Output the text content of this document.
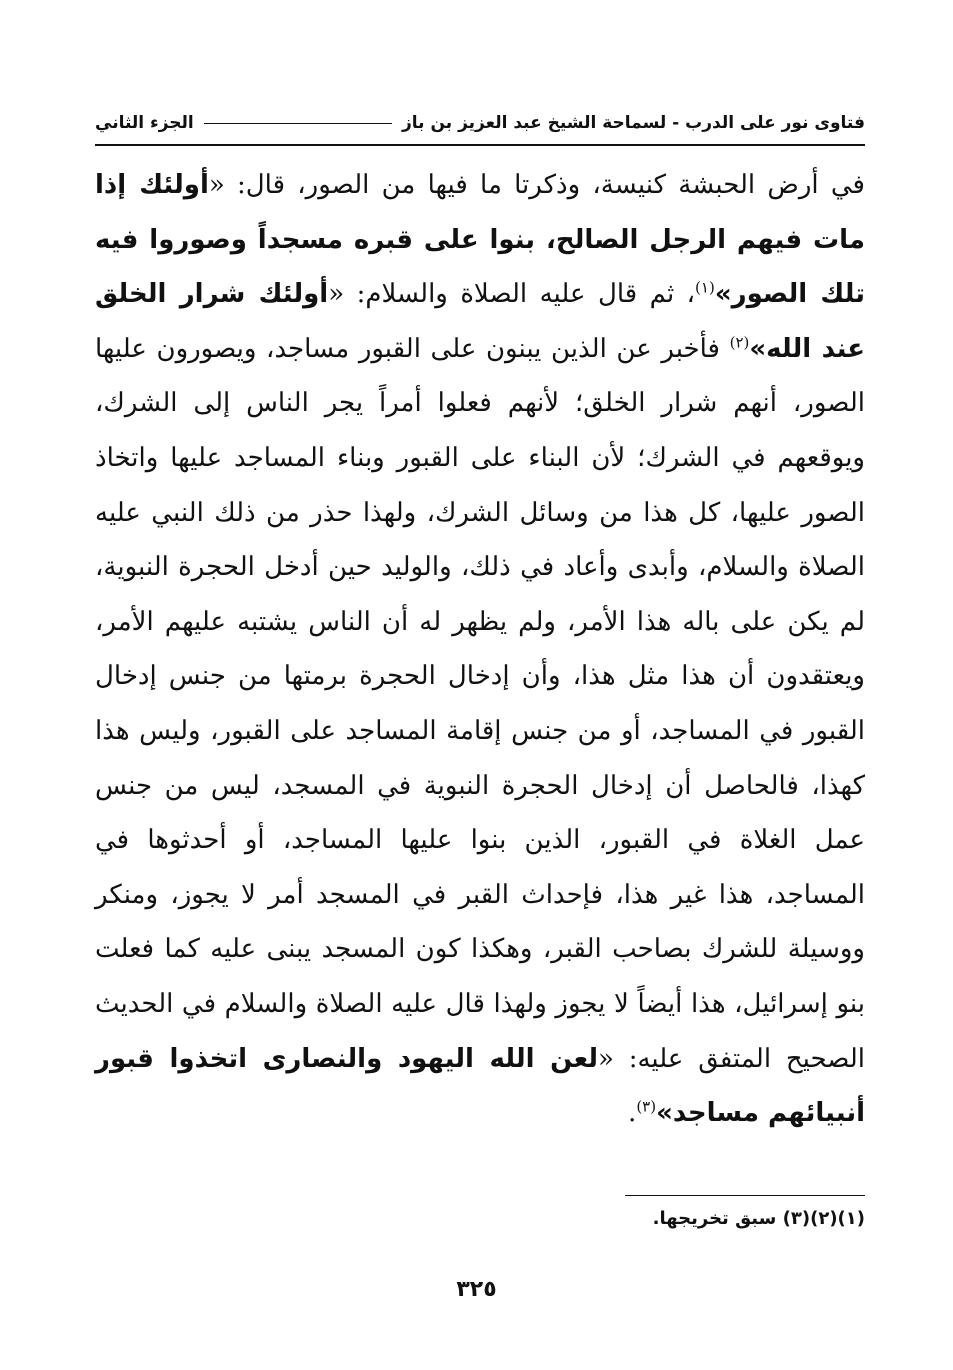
فتاوى نور على الدرب - لسماحة الشيخ عبد العزيز بن باز
الجزء الثاني
في أرض الحبشة كنيسة، وذكرتا ما فيها من الصور، قال: «أولئك إذا مات فيهم الرجل الصالح، بنوا على قبره مسجداً وصوروا فيه تلك الصور»$^{(١)}$، ثم قال عليه الصلاة والسلام: «أولئك شرار الخلق عند الله»$^{(٢)}$ فأخبر عن الذين يبنون على القبور مساجد، ويصورون عليها الصور، أنهم شرار الخلق؛ لأنهم فعلوا أمراً يجر الناس إلى الشرك، ويوقعهم في الشرك؛ لأن البناء على القبور وبناء المساجد عليها واتخاذ الصور عليها، كل هذا من وسائل الشرك، ولهذا حذر من ذلك النبي عليه الصلاة والسلام، وأبدى وأعاد في ذلك، والوليد حين أدخل الحجرة النبوية، لم يكن على باله هذا الأمر، ولم يظهر له أن الناس يشتبه عليهم الأمر، ويعتقدون أن هذا مثل هذا، وأن إدخال الحجرة برمتها من جنس إدخال القبور في المساجد، أو من جنس إقامة المساجد على القبور، وليس هذا كهذا، فالحاصل أن إدخال الحجرة النبوية في المسجد، ليس من جنس عمل الغلاة في القبور، الذين بنوا عليها المساجد، أو أحدثوها في المساجد، هذا غير هذا، فإحداث القبر في المسجد أمر لا يجوز، ومنكر ووسيلة للشرك بصاحب القبر، وهكذا كون المسجد يبنى عليه كما فعلت بنو إسرائيل، هذا أيضاً لا يجوز ولهذا قال عليه الصلاة والسلام في الحديث الصحيح المتفق عليه: «لعن الله اليهود والنصارى اتخذوا قبور أنبيائهم مساجد»$^{(٣)}$.
(١)(٢)(٣) سبق تخريجها.
٣٢٥
